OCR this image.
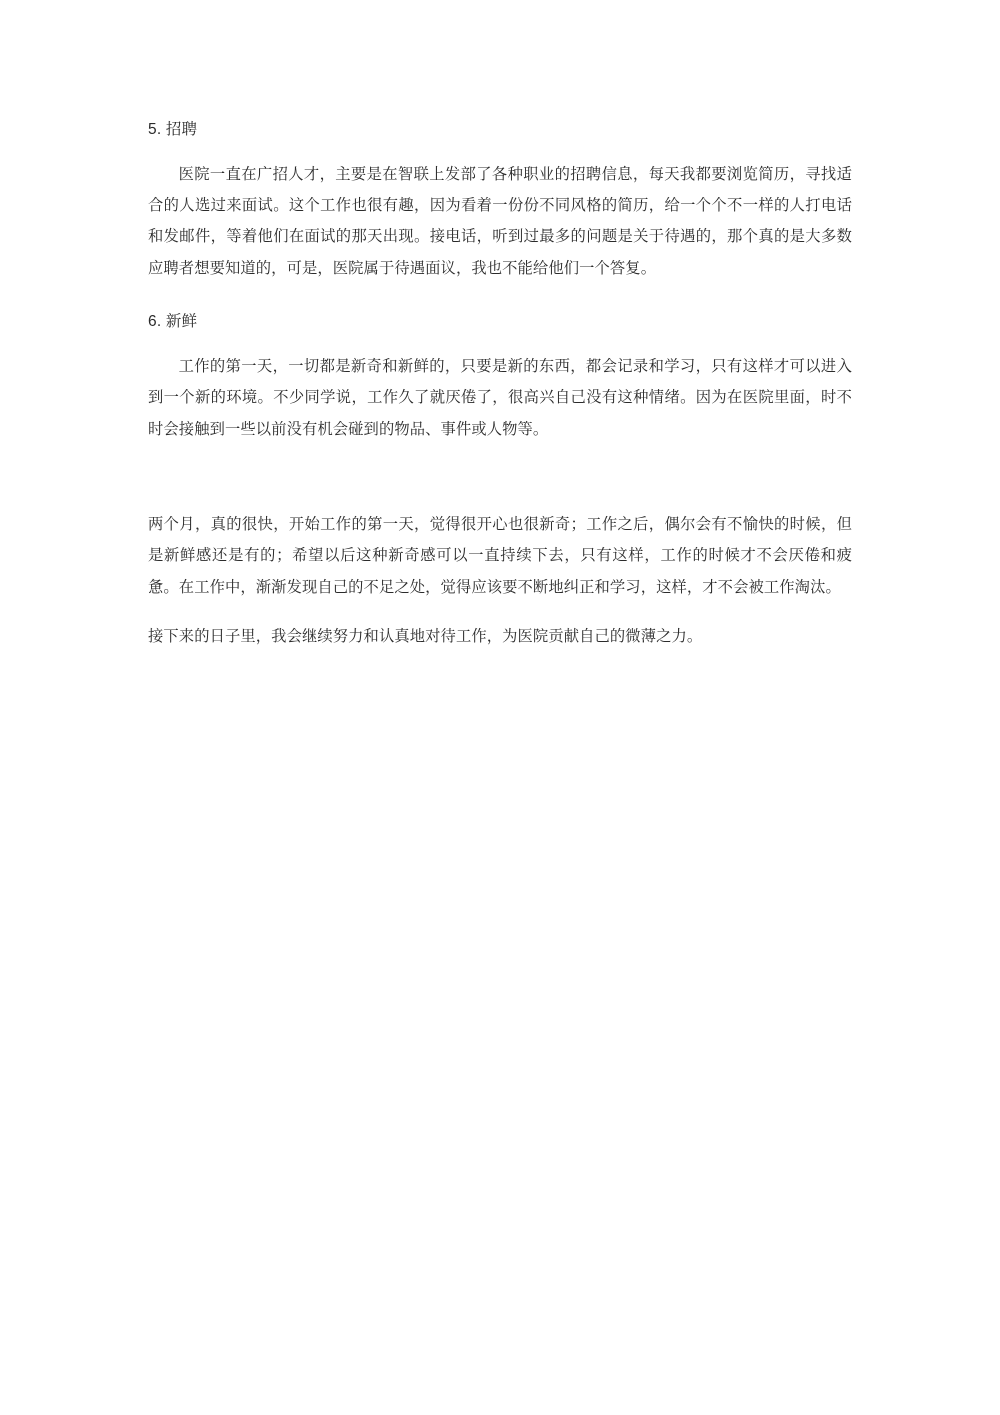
5. 招聘

医院一直在广招人才，主要是在智联上发部了各种职业的招聘信息，每天我都要浏览简历，寻找适合的人选过来面试。这个工作也很有趣，因为看着一份份不同风格的简历，给一个个不一样的人打电话和发邮件，等着他们在面试的那天出现。接电话，听到过最多的问题是关于待遇的，那个真的是大多数应聘者想要知道的，可是，医院属于待遇面议，我也不能给他们一个答复。

6. 新鲜

工作的第一天，一切都是新奇和新鲜的，只要是新的东西，都会记录和学习，只有这样才可以进入到一个新的环境。不少同学说，工作久了就厌倦了，很高兴自己没有这种情绪。因为在医院里面，时不时会接触到一些以前没有机会碰到的物品、事件或人物等。

两个月，真的很快，开始工作的第一天，觉得很开心也很新奇；工作之后，偶尔会有不愉快的时候，但是新鲜感还是有的；希望以后这种新奇感可以一直持续下去，只有这样，工作的时候才不会厌倦和疲惫。在工作中，渐渐发现自己的不足之处，觉得应该要不断地纠正和学习，这样，才不会被工作淘汰。

接下来的日子里，我会继续努力和认真地对待工作，为医院贡献自己的微薄之力。
